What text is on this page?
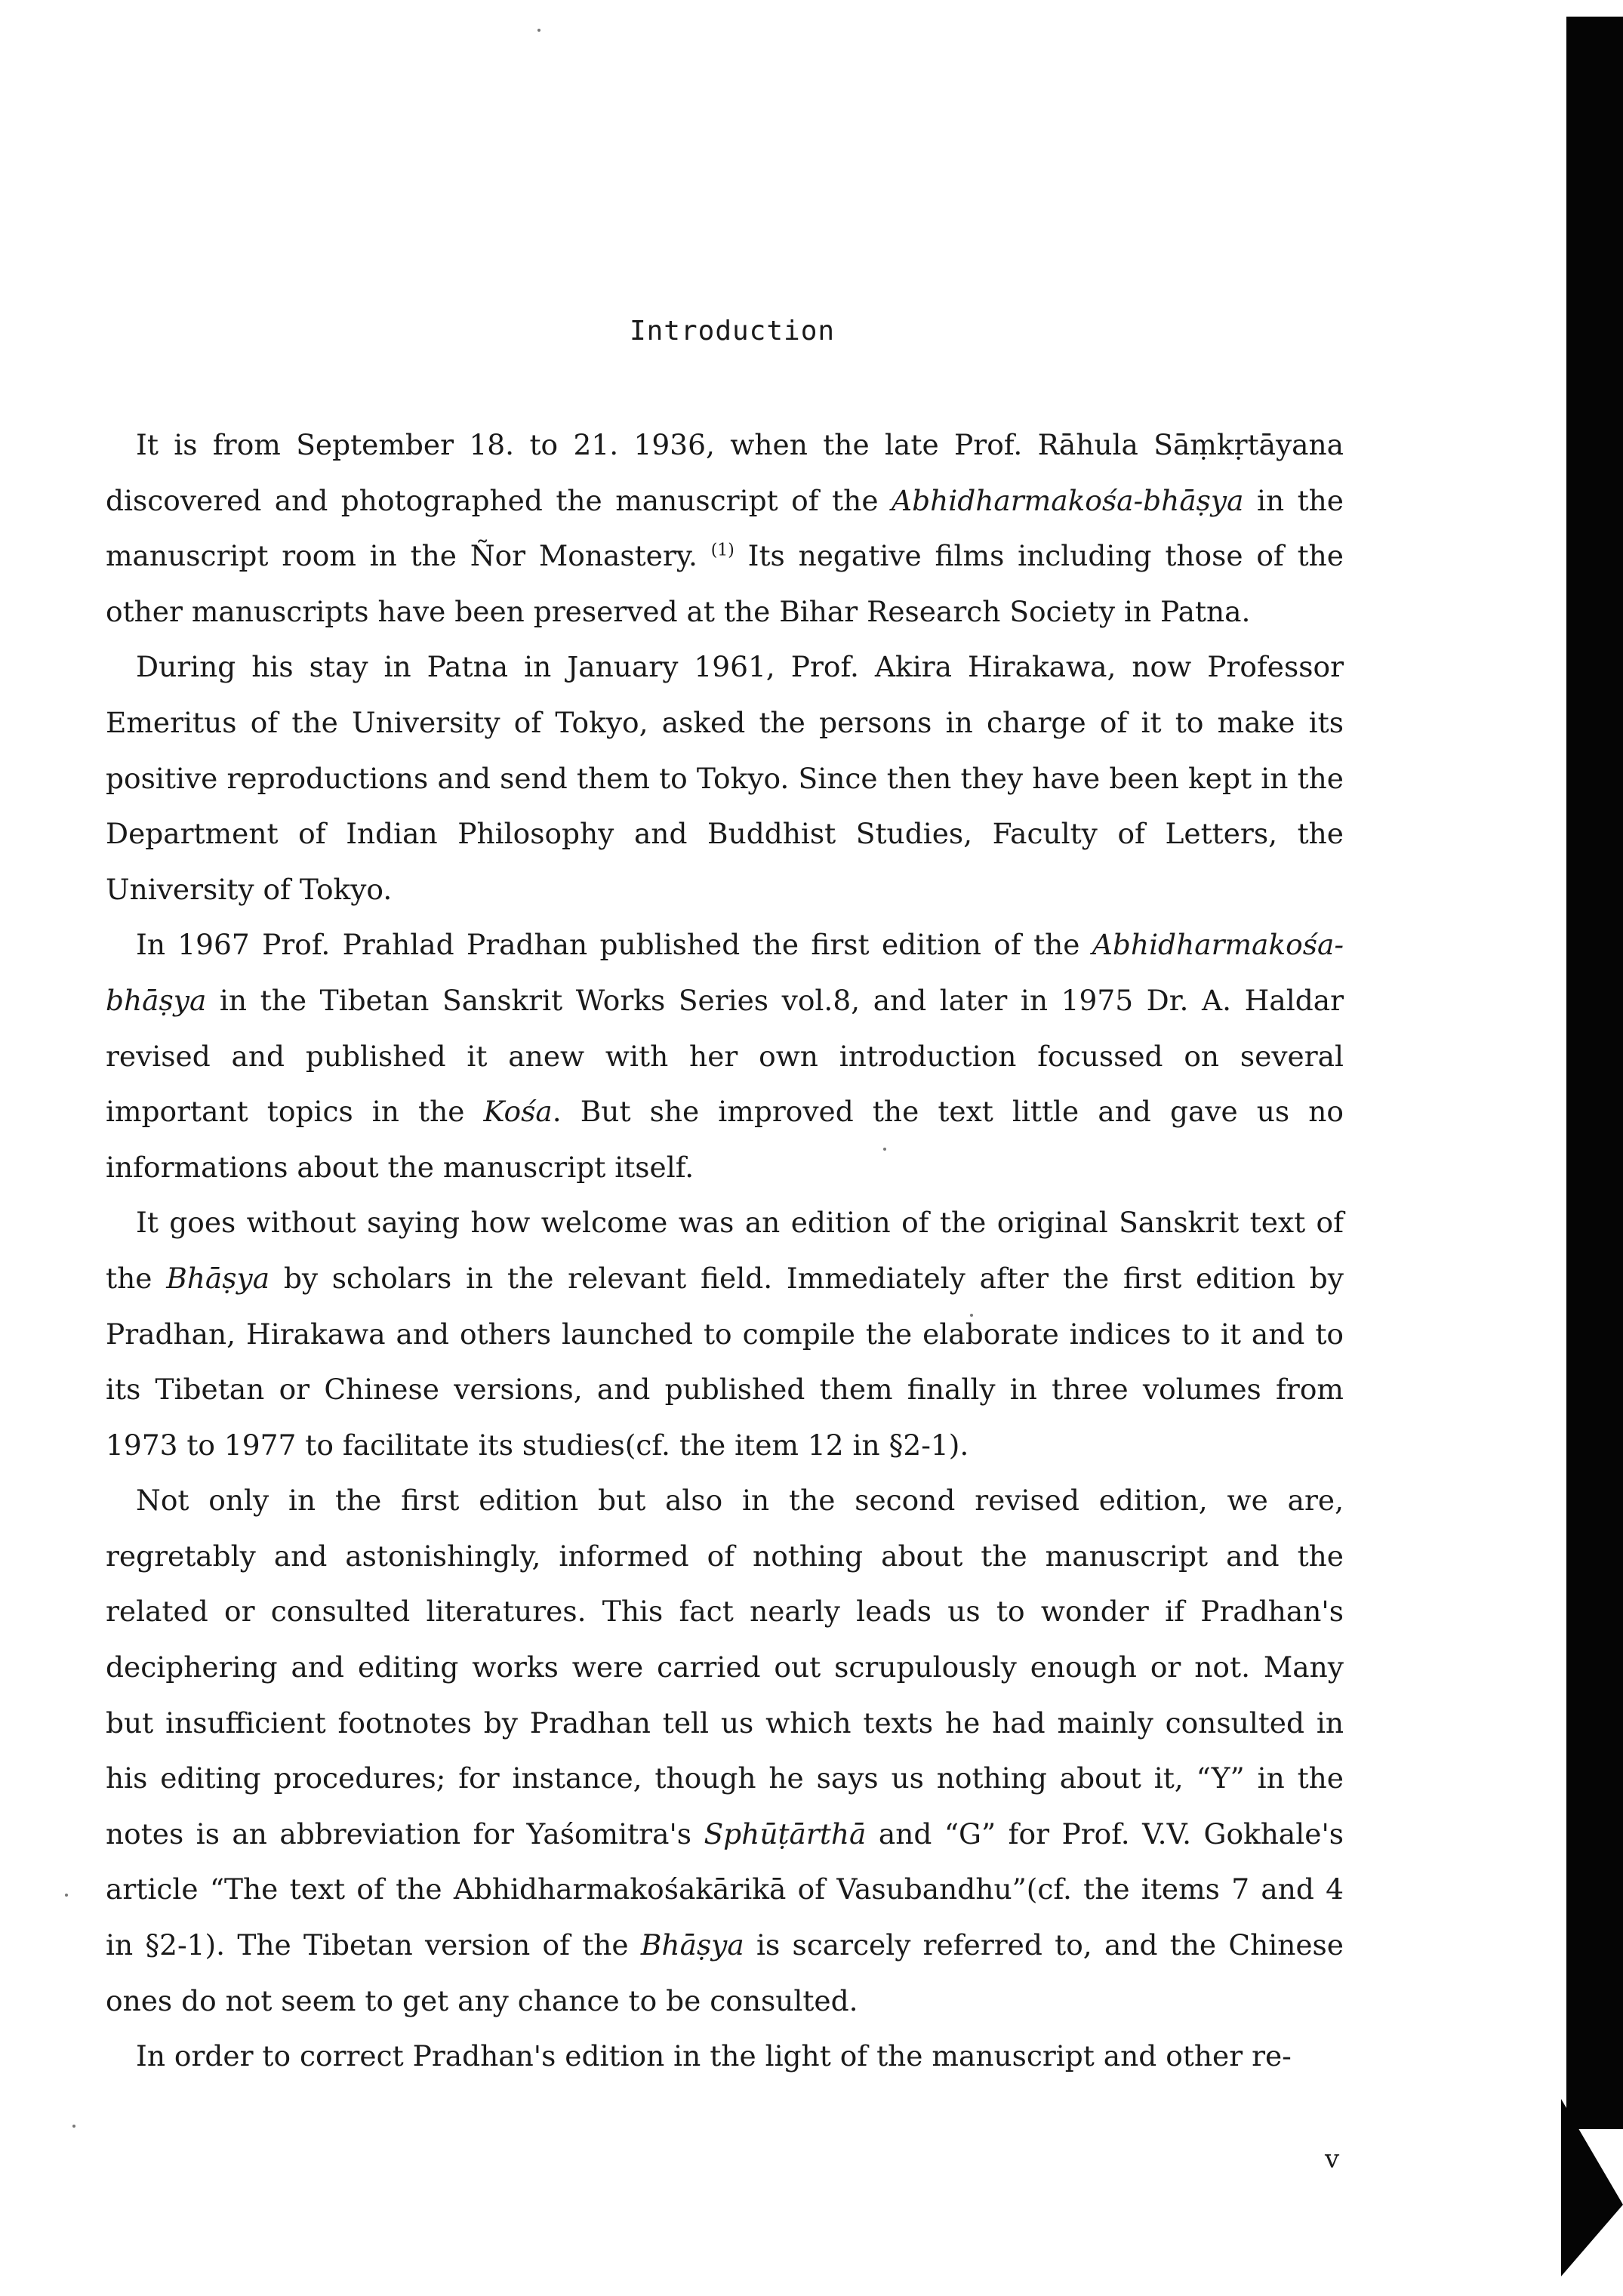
Introduction

It is from September 18. to 21. 1936, when the late Prof. Rāhula Sāṃkṛtāyana discovered and photographed the manuscript of the Abhidharmakośa-bhāṣya in the manuscript room in the Ñor Monastery. $^{(1)}$ Its negative films including those of the other manuscripts have been preserved at the Bihar Research Society in Patna.

During his stay in Patna in January 1961, Prof. Akira Hirakawa, now Professor Emeritus of the University of Tokyo, asked the persons in charge of it to make its positive reproductions and send them to Tokyo. Since then they have been kept in the Department of Indian Philosophy and Buddhist Studies, Faculty of Letters, the University of Tokyo.

In 1967 Prof. Prahlad Pradhan published the first edition of the Abhidharmakośa-bhāṣya in the Tibetan Sanskrit Works Series vol.8, and later in 1975 Dr. A. Haldar revised and published it anew with her own introduction focussed on several important topics in the Kośa. But she improved the text little and gave us no informations about the manuscript itself.

It goes without saying how welcome was an edition of the original Sanskrit text of the Bhāṣya by scholars in the relevant field. Immediately after the first edition by Pradhan, Hirakawa and others launched to compile the elaborate indices to it and to its Tibetan or Chinese versions, and published them finally in three volumes from 1973 to 1977 to facilitate its studies(cf. the item 12 in §2-1).

Not only in the first edition but also in the second revised edition, we are, regretably and astonishingly, informed of nothing about the manuscript and the related or consulted literatures. This fact nearly leads us to wonder if Pradhan's deciphering and editing works were carried out scrupulously enough or not. Many but insufficient footnotes by Pradhan tell us which texts he had mainly consulted in his editing procedures; for instance, though he says us nothing about it, “Y” in the notes is an abbreviation for Yaśomitra's Sphūṭārthā and “G” for Prof. V.V. Gokhale's article “The text of the Abhidharmakośakārikā of Vasubandhu”(cf. the items 7 and 4 in §2-1). The Tibetan version of the Bhāṣya is scarcely referred to, and the Chinese ones do not seem to get any chance to be consulted.

In order to correct Pradhan's edition in the light of the manuscript and other re-

v
